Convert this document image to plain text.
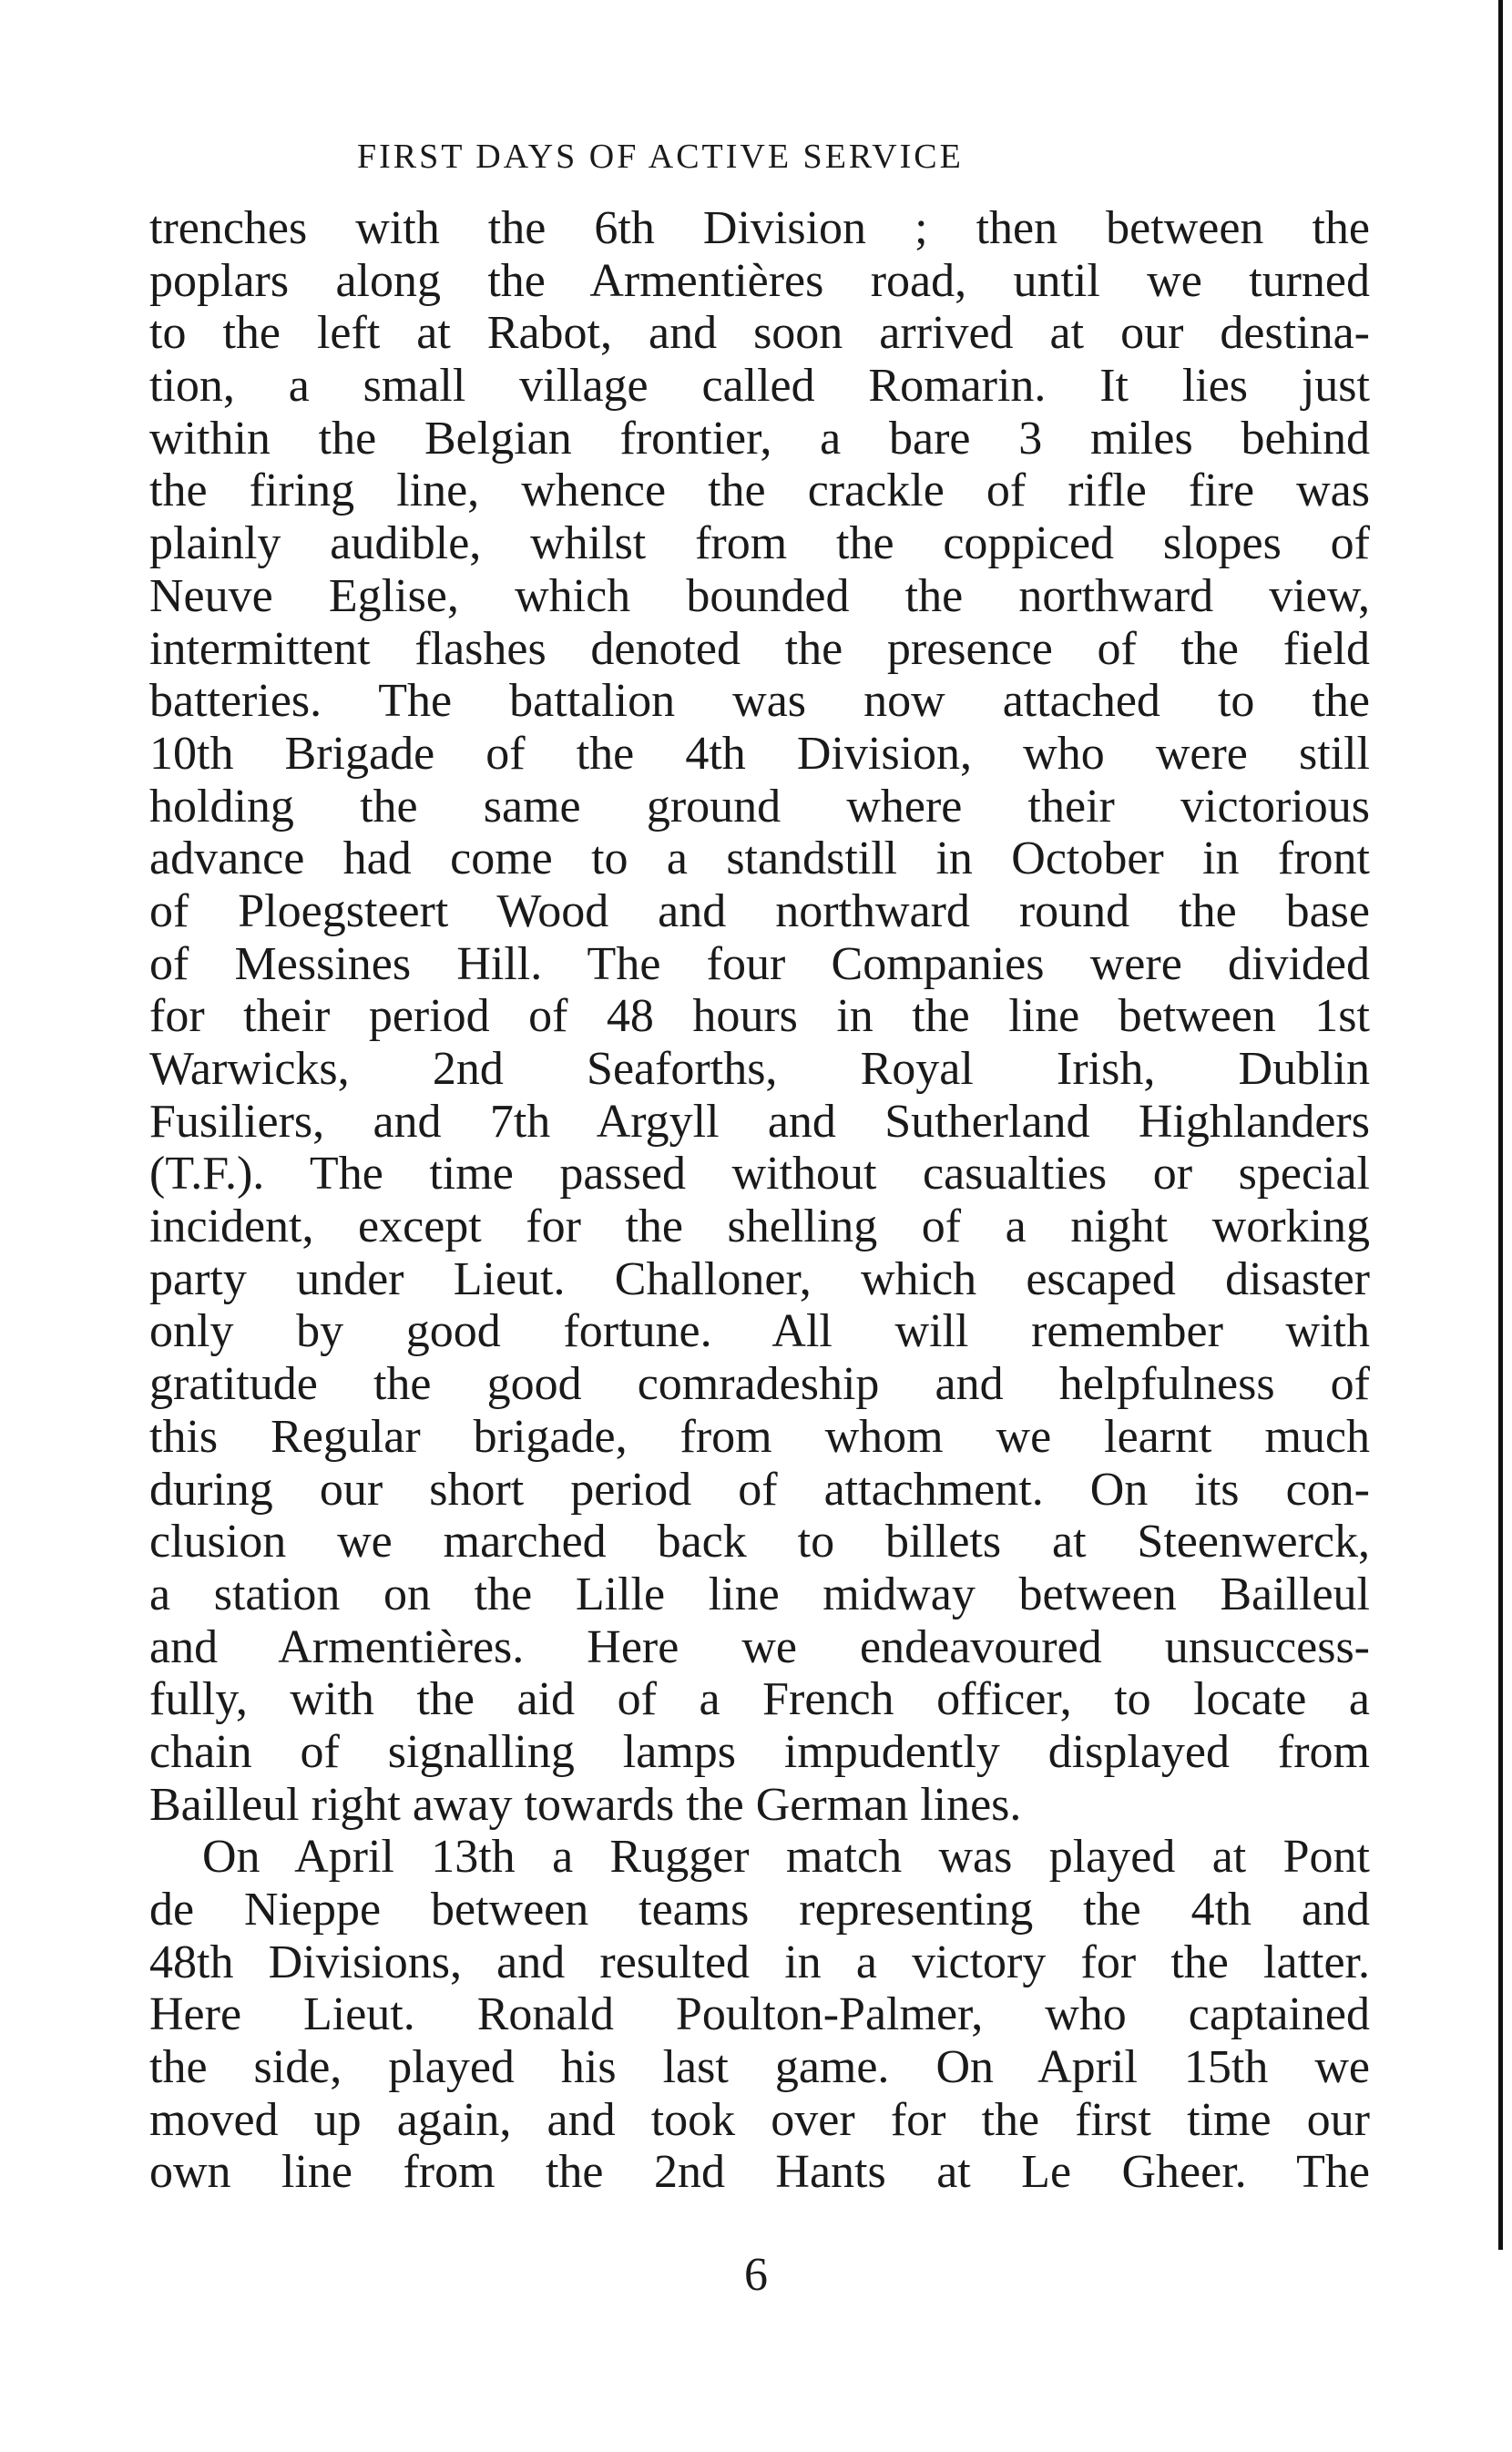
FIRST DAYS OF ACTIVE SERVICE
trenches with the 6th Division ; then between the
poplars along the Armentières road, until we turned
to the left at Rabot, and soon arrived at our destina-
tion, a small village called Romarin. It lies just
within the Belgian frontier, a bare 3 miles behind
the firing line, whence the crackle of rifle fire was
plainly audible, whilst from the coppiced slopes of
Neuve Eglise, which bounded the northward view,
intermittent flashes denoted the presence of the field
batteries. The battalion was now attached to the
10th Brigade of the 4th Division, who were still
holding the same ground where their victorious
advance had come to a standstill in October in front
of Ploegsteert Wood and northward round the base
of Messines Hill. The four Companies were divided
for their period of 48 hours in the line between 1st
Warwicks, 2nd Seaforths, Royal Irish, Dublin
Fusiliers, and 7th Argyll and Sutherland Highlanders
(T.F.). The time passed without casualties or special
incident, except for the shelling of a night working
party under Lieut. Challoner, which escaped disaster
only by good fortune. All will remember with
gratitude the good comradeship and helpfulness of
this Regular brigade, from whom we learnt much
during our short period of attachment. On its con-
clusion we marched back to billets at Steenwerck,
a station on the Lille line midway between Bailleul
and Armentières. Here we endeavoured unsuccess-
fully, with the aid of a French officer, to locate a
chain of signalling lamps impudently displayed from
Bailleul right away towards the German lines.
On April 13th a Rugger match was played at Pont
de Nieppe between teams representing the 4th and
48th Divisions, and resulted in a victory for the latter.
Here Lieut. Ronald Poulton-Palmer, who captained
the side, played his last game. On April 15th we
moved up again, and took over for the first time our
own line from the 2nd Hants at Le Gheer. The
6
